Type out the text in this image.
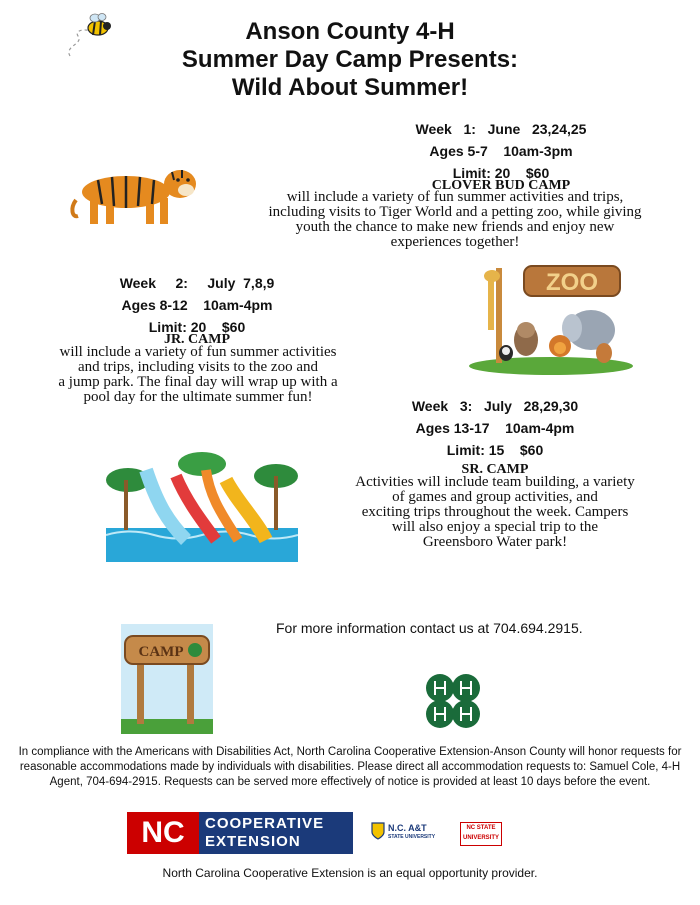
Anson County 4-H
Summer Day Camp Presents:
Wild About Summer!
Week   1:   June   23,24,25
Ages 5-7    10am-3pm
Limit: 20    $60
CLOVER BUD CAMP
will include a variety of fun summer activities and trips,
including visits to Tiger World and a petting zoo, while giving
youth the chance to make new friends and enjoy new
experiences together!
ZOO
Week     2:     July  7,8,9
Ages 8-12    10am-4pm
Limit: 20    $60
JR. CAMP
will include a variety of fun summer activities
and trips, including visits to the zoo and
a jump park. The final day will wrap up with a
pool day for the ultimate summer fun!
Week   3:   July   28,29,30
Ages 13-17    10am-4pm
Limit: 15    $60
SR. CAMP
Activities will include team building, a variety
of games and group activities, and
exciting trips throughout the week. Campers
will also enjoy a special trip to the
Greensboro Water park!
For more information contact us at 704.694.2915.
CAMP
In compliance with the Americans with Disabilities Act, North Carolina Cooperative Extension-Anson County will honor requests for
reasonable accommodations made by individuals with disabilities. Please direct all accommodation requests to: Samuel Cole, 4-H
Agent, 704-694-2915. Requests can be served more effectively of notice is provided at least 10 days before the event.
NC	COOPERATIVE
EXTENSION
N.C. A&T
STATE UNIVERSITY
NC STATE
UNIVERSITY
North Carolina Cooperative Extension is an equal opportunity provider.
